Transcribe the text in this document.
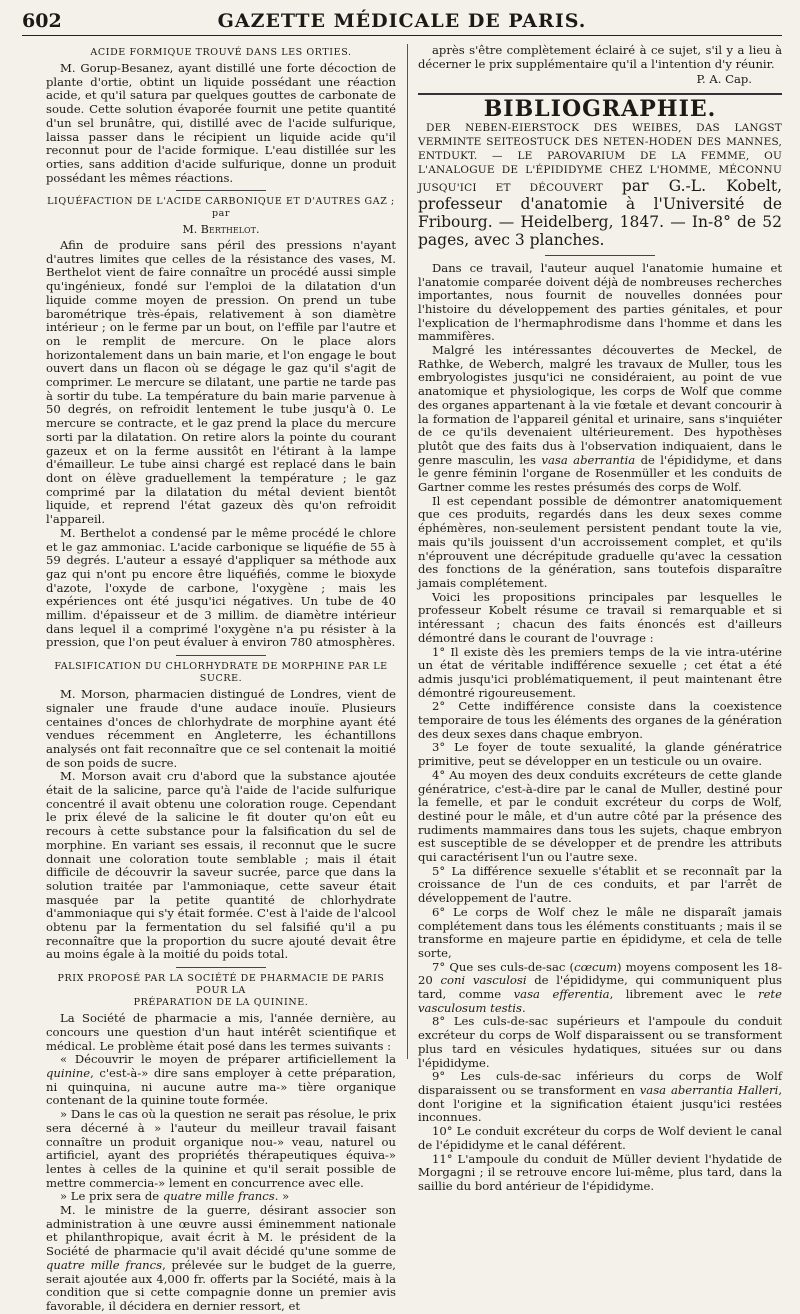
602	GAZETTE MÉDICALE DE PARIS.
ACIDE FORMIQUE TROUVÉ DANS LES ORTIES.

M. Gorup-Besanez, ayant distillé une forte décoction de plante d'ortie, obtint un liquide possédant une réaction acide, et qu'il satura par quelques gouttes de carbonate de soude. Cette solution évaporée fournit une petite quantité d'un sel brunâtre, qui, distillé avec de l'acide sulfurique, laissa passer dans le récipient un liquide acide qu'il reconnut pour de l'acide formique. L'eau distillée sur les orties, sans addition d'acide sulfurique, donne un produit possédant les mêmes réactions.

LIQUÉFACTION DE L'ACIDE CARBONIQUE ET D'AUTRES GAZ ; par
M. Berthelot.

Afin de produire sans péril des pressions n'ayant d'autres limites que celles de la résistance des vases, M. Berthelot vient de faire connaître un procédé aussi simple qu'ingénieux, fondé sur l'emploi de la dilatation d'un liquide comme moyen de pression. On prend un tube barométrique très-épais, relativement à son diamètre intérieur ; on le ferme par un bout, on l'effile par l'autre et on le remplit de mercure. On le place alors horizontalement dans un bain marie, et l'on engage le bout ouvert dans un flacon où se dégage le gaz qu'il s'agit de comprimer. Le mercure se dilatant, une partie ne tarde pas à sortir du tube. La température du bain marie parvenue à 50 degrés, on refroidit lentement le tube jusqu'à 0. Le mercure se contracte, et le gaz prend la place du mercure sorti par la dilatation. On retire alors la pointe du courant gazeux et on la ferme aussitôt en l'étirant à la lampe d'émailleur. Le tube ainsi chargé est replacé dans le bain dont on élève graduellement la température ; le gaz comprimé par la dilatation du métal devient bientôt liquide, et reprend l'état gazeux dès qu'on refroidit l'appareil.

M. Berthelot a condensé par le même procédé le chlore et le gaz ammoniac. L'acide carbonique se liquéfie de 55 à 59 degrés. L'auteur a essayé d'appliquer sa méthode aux gaz qui n'ont pu encore être liquéfiés, comme le bioxyde d'azote, l'oxyde de carbone, l'oxygène ; mais les expériences ont été jusqu'ici négatives. Un tube de 40 millim. d'épaisseur et de 3 millim. de diamètre intérieur dans lequel il a comprimé l'oxygène n'a pu résister à la pression, que l'on peut évaluer à environ 780 atmosphères.

FALSIFICATION DU CHLORHYDRATE DE MORPHINE PAR LE SUCRE.

M. Morson, pharmacien distingué de Londres, vient de signaler une fraude d'une audace inouïe. Plusieurs centaines d'onces de chlorhydrate de morphine ayant été vendues récemment en Angleterre, les échantillons analysés ont fait reconnaître que ce sel contenait la moitié de son poids de sucre.

M. Morson avait cru d'abord que la substance ajoutée était de la salicine, parce qu'à l'aide de l'acide sulfurique concentré il avait obtenu une coloration rouge. Cependant le prix élevé de la salicine le fit douter qu'on eût eu recours à cette substance pour la falsification du sel de morphine. En variant ses essais, il reconnut que le sucre donnait une coloration toute semblable ; mais il était difficile de découvrir la saveur sucrée, parce que dans la solution traitée par l'ammoniaque, cette saveur était masquée par la petite quantité de chlorhydrate d'ammoniaque qui s'y était formée. C'est à l'aide de l'alcool obtenu par la fermentation du sel falsifié qu'il a pu reconnaître que la proportion du sucre ajouté devait être au moins égale à la moitié du poids total.

PRIX PROPOSÉ PAR LA SOCIÉTÉ DE PHARMACIE DE PARIS POUR LA
PRÉPARATION DE LA QUININE.

La Société de pharmacie a mis, l'année dernière, au concours une question d'un haut intérêt scientifique et médical. Le problème était posé dans les termes suivants :

« Découvrir le moyen de préparer artificiellement la quinine, c'est-à-» dire sans employer à cette préparation, ni quinquina, ni aucune autre ma-» tière organique contenant de la quinine toute formée.

» Dans le cas où la question ne serait pas résolue, le prix sera décerné à » l'auteur du meilleur travail faisant connaître un produit organique nou-» veau, naturel ou artificiel, ayant des propriétés thérapeutiques équiva-» lentes à celles de la quinine et qu'il serait possible de mettre commercia-» lement en concurrence avec elle.

» Le prix sera de quatre mille francs. »

M. le ministre de la guerre, désirant associer son administration à une œuvre aussi éminemment nationale et philanthropique, avait écrit à M. le président de la Société de pharmacie qu'il avait décidé qu'une somme de quatre mille francs, prélevée sur le budget de la guerre, serait ajoutée aux 4,000 fr. offerts par la Société, mais à la condition que si cette compagnie donne un premier avis favorable, il décidera en dernier ressort, et

après s'être complètement éclairé à ce sujet, s'il y a lieu à décerner le prix supplémentaire qu'il a l'intention d'y réunir.

P. A. Cap.
BIBLIOGRAPHIE.

DER NEBEN-EIERSTOCK DES WEIBES, DAS LANGST VERMINTE SEITEOSTUCK DES NETEN-HODEN DES MANNES, ENTDUKT. — LE PAROVARIUM DE LA FEMME, OU L'ANALOGUE DE L'ÉPIDIDYME CHEZ L'HOMME, MÉCONNU JUSQU'ICI ET DÉCOUVERT par G.-L. Kobelt, professeur d'anatomie à l'Université de Fribourg. — Heidelberg, 1847. — In-8° de 52 pages, avec 3 planches.

Dans ce travail, l'auteur auquel l'anatomie humaine et l'anatomie comparée doivent déjà de nombreuses recherches importantes, nous fournit de nouvelles données pour l'histoire du développement des parties génitales, et pour l'explication de l'hermaphrodisme dans l'homme et dans les mammifères.

Malgré les intéressantes découvertes de Meckel, de Rathke, de Weberch, malgré les travaux de Muller, tous les embryologistes jusqu'ici ne considéraient, au point de vue anatomique et physiologique, les corps de Wolf que comme des organes appartenant à la vie fœtale et devant concourir à la formation de l'appareil génital et urinaire, sans s'inquiéter de ce qu'ils devenaient ultérieurement. Des hypothèses plutôt que des faits dus à l'observation indiquaient, dans le genre masculin, les vasa aberrantia de l'épididyme, et dans le genre féminin l'organe de Rosenmüller et les conduits de Gartner comme les restes présumés des corps de Wolf.

Il est cependant possible de démontrer anatomiquement que ces produits, regardés dans les deux sexes comme éphémères, non-seulement persistent pendant toute la vie, mais qu'ils jouissent d'un accroissement complet, et qu'ils n'éprouvent une décrépitude graduelle qu'avec la cessation des fonctions de la génération, sans toutefois disparaître jamais complétement.

Voici les propositions principales par lesquelles le professeur Kobelt résume ce travail si remarquable et si intéressant ; chacun des faits énoncés est d'ailleurs démontré dans le courant de l'ouvrage :

1° Il existe dès les premiers temps de la vie intra-utérine un état de véritable indifférence sexuelle ; cet état a été admis jusqu'ici problématiquement, il peut maintenant être démontré rigoureusement.

2° Cette indifférence consiste dans la coexistence temporaire de tous les éléments des organes de la génération des deux sexes dans chaque embryon.

3° Le foyer de toute sexualité, la glande génératrice primitive, peut se développer en un testicule ou un ovaire.

4° Au moyen des deux conduits excréteurs de cette glande génératrice, c'est-à-dire par le canal de Muller, destiné pour la femelle, et par le conduit excréteur du corps de Wolf, destiné pour le mâle, et d'un autre côté par la présence des rudiments mammaires dans tous les sujets, chaque embryon est susceptible de se développer et de prendre les attributs qui caractérisent l'un ou l'autre sexe.

5° La différence sexuelle s'établit et se reconnaît par la croissance de l'un de ces conduits, et par l'arrêt de développement de l'autre.

6° Le corps de Wolf chez le mâle ne disparaît jamais complétement dans tous les éléments constituants ; mais il se transforme en majeure partie en épididyme, et cela de telle sorte,

7° Que ses culs-de-sac (cœcum) moyens composent les 18-20 coni vasculosi de l'épididyme, qui communiquent plus tard, comme vasa efferentia, librement avec le rete vasculosum testis.

8° Les culs-de-sac supérieurs et l'ampoule du conduit excréteur du corps de Wolf disparaissent ou se transforment plus tard en vésicules hydatiques, situées sur ou dans l'épididyme.

9° Les culs-de-sac inférieurs du corps de Wolf disparaissent ou se transforment en vasa aberrantia Halleri, dont l'origine et la signification étaient jusqu'ici restées inconnues.

10° Le conduit excréteur du corps de Wolf devient le canal de l'épididyme et le canal déférent.

11° L'ampoule du conduit de Müller devient l'hydatide de Morgagni ; il se retrouve encore lui-même, plus tard, dans la saillie du bord antérieur de l'épididyme.
